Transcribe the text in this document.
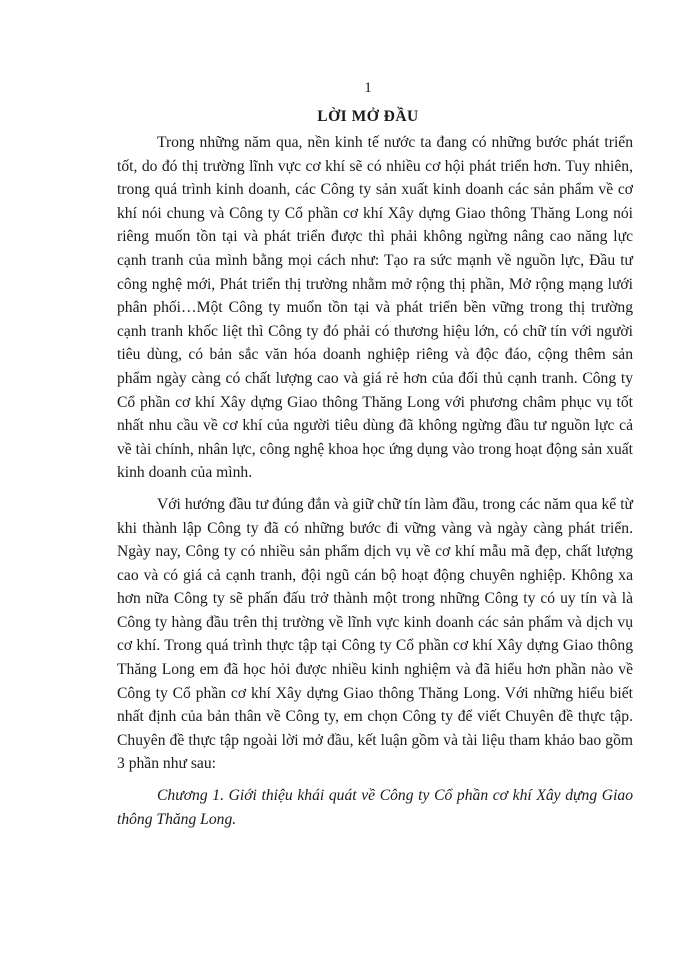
1
LỜI MỞ ĐẦU

Trong những năm qua, nền kinh tế nước ta đang có những bước phát triển tốt, do đó thị trường lĩnh vực cơ khí sẽ có nhiều cơ hội phát triển hơn. Tuy nhiên, trong quá trình kinh doanh, các Công ty sản xuất kinh doanh các sản phẩm về cơ khí nói chung và Công ty Cổ phần cơ khí Xây dựng Giao thông Thăng Long nói riêng muốn tồn tại và phát triển được thì phải không ngừng nâng cao năng lực cạnh tranh của mình bằng mọi cách như: Tạo ra sức mạnh về nguồn lực, Đầu tư công nghệ mới, Phát triển thị trường nhằm mở rộng thị phần, Mở rộng mạng lưới phân phối…Một Công ty muốn tồn tại và phát triển bền vững trong thị trường cạnh tranh khốc liệt thì Công ty đó phải có thương hiệu lớn, có chữ tín với người tiêu dùng, có bản sắc văn hóa doanh nghiệp riêng và độc đáo, cộng thêm sản phẩm ngày càng có chất lượng cao và giá rẻ hơn của đối thủ cạnh tranh. Công ty Cổ phần cơ khí Xây dựng Giao thông Thăng Long với phương châm phục vụ tốt nhất nhu cầu về cơ khí của người tiêu dùng đã không ngừng đầu tư nguồn lực cả về tài chính, nhân lực, công nghệ khoa học ứng dụng vào trong hoạt động sản xuất kinh doanh của mình.

Với hướng đầu tư đúng đắn và giữ chữ tín làm đầu, trong các năm qua kể từ khi thành lập Công ty đã có những bước đi vững vàng và ngày càng phát triển. Ngày nay, Công ty có nhiều sản phẩm dịch vụ về cơ khí mẫu mã đẹp, chất lượng cao và có giá cả cạnh tranh, đội ngũ cán bộ hoạt động chuyên nghiệp. Không xa hơn nữa Công ty sẽ phấn đấu trở thành một trong những Công ty có uy tín và là Công ty hàng đầu trên thị trường về lĩnh vực kinh doanh các sản phẩm và dịch vụ cơ khí. Trong quá trình thực tập tại Công ty Cổ phần cơ khí Xây dựng Giao thông Thăng Long em đã học hỏi được nhiều kinh nghiệm và đã hiểu hơn phần nào về Công ty Cổ phần cơ khí Xây dựng Giao thông Thăng Long. Với những hiểu biết nhất định của bản thân về Công ty, em chọn Công ty để viết Chuyên đề thực tập. Chuyên đề thực tập ngoài lời mở đầu, kết luận gồm và tài liệu tham khảo bao gồm 3 phần như sau:

Chương 1. Giới thiệu khái quát về Công ty Cổ phần cơ khí Xây dựng Giao thông Thăng Long.
